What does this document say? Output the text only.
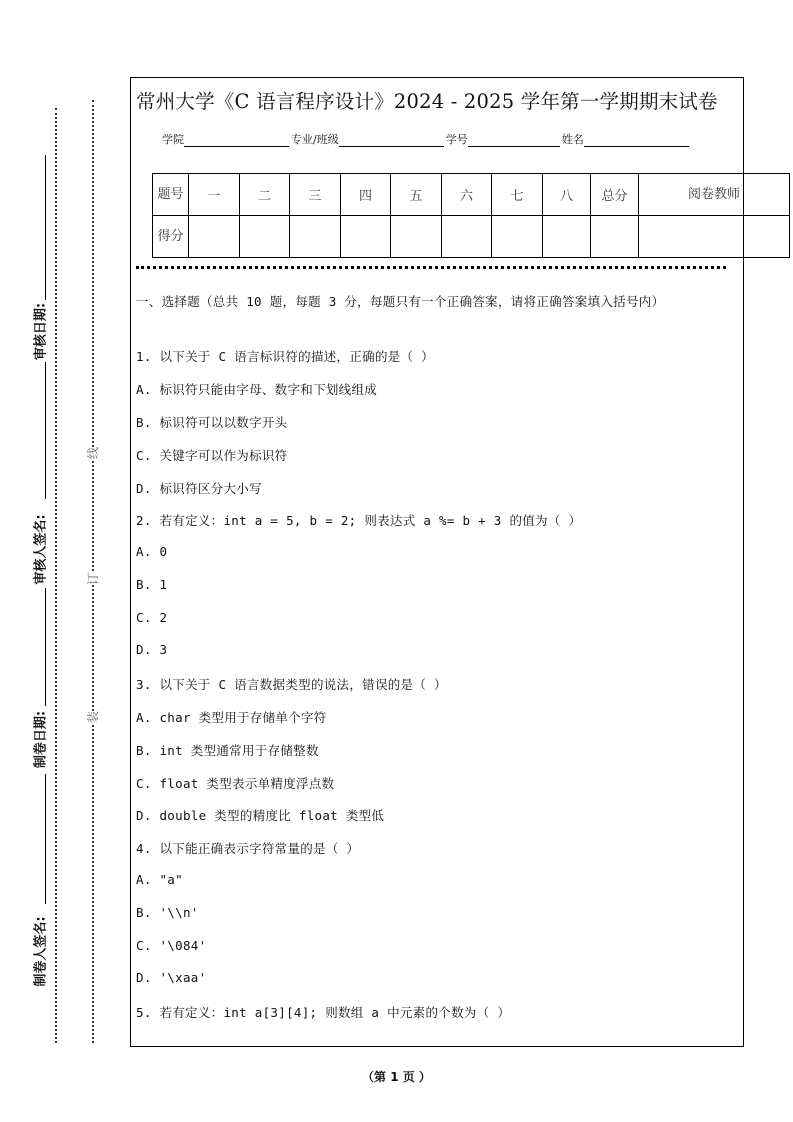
审核日期:
审核人签名:
制卷日期:
制卷人签名:
线
订
装
常州大学《C 语言程序设计》2024 - 2025 学年第一学期期末试卷
学院	专业/班级	学号	姓名
题号	一	二	三	四	五	六	七	八	总分	阅卷教师
得分										
一、选择题（总共 10 题，每题 3 分，每题只有一个正确答案，请将正确答案填入括号内）
1. 以下关于 C 语言标识符的描述，正确的是（ ）
A. 标识符只能由字母、数字和下划线组成
B. 标识符可以以数字开头
C. 关键字可以作为标识符
D. 标识符区分大小写
2. 若有定义：int a = 5, b = 2; 则表达式 a %= b + 3 的值为（ ）
A. 0
B. 1
C. 2
D. 3
3. 以下关于 C 语言数据类型的说法，错误的是（ ）
A. char 类型用于存储单个字符
B. int 类型通常用于存储整数
C. float 类型表示单精度浮点数
D. double 类型的精度比 float 类型低
4. 以下能正确表示字符常量的是（ ）
A. "a"
B. '\\n'
C. '\084'
D. '\xaa'
5. 若有定义：int a[3][4]; 则数组 a 中元素的个数为（ ）
（第 1 页 ）
